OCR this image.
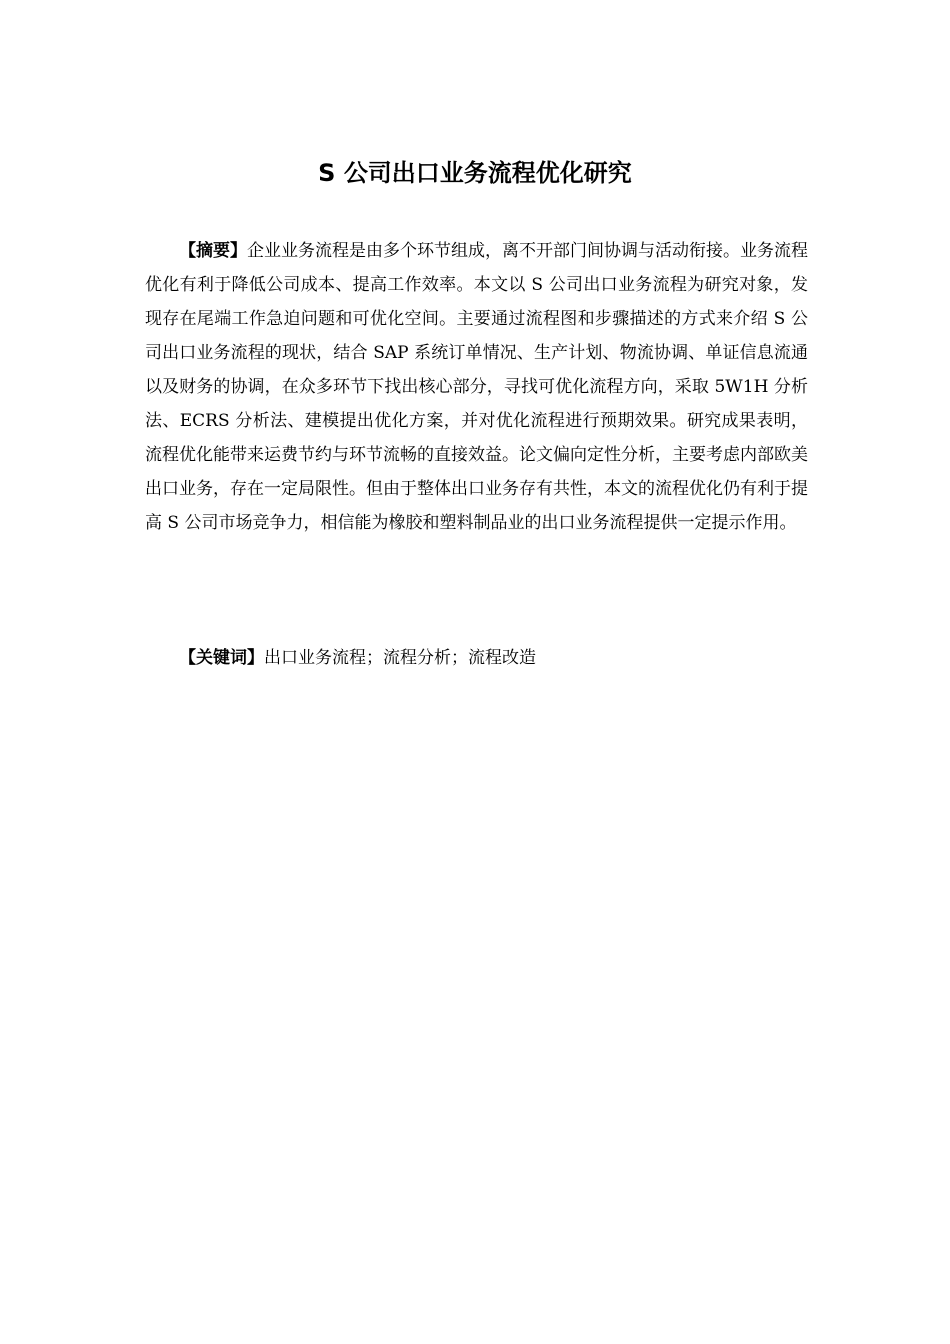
S 公司出口业务流程优化研究

【摘要】企业业务流程是由多个环节组成，离不开部门间协调与活动衔接。业务流程优化有利于降低公司成本、提高工作效率。本文以 S 公司出口业务流程为研究对象，发现存在尾端工作急迫问题和可优化空间。主要通过流程图和步骤描述的方式来介绍 S 公司出口业务流程的现状，结合 SAP 系统订单情况、生产计划、物流协调、单证信息流通以及财务的协调，在众多环节下找出核心部分，寻找可优化流程方向，采取 5W1H 分析法、ECRS 分析法、建模提出优化方案，并对优化流程进行预期效果。研究成果表明，流程优化能带来运费节约与环节流畅的直接效益。论文偏向定性分析，主要考虑内部欧美出口业务，存在一定局限性。但由于整体出口业务存有共性，本文的流程优化仍有利于提高 S 公司市场竞争力，相信能为橡胶和塑料制品业的出口业务流程提供一定提示作用。

【关键词】出口业务流程；流程分析；流程改造
